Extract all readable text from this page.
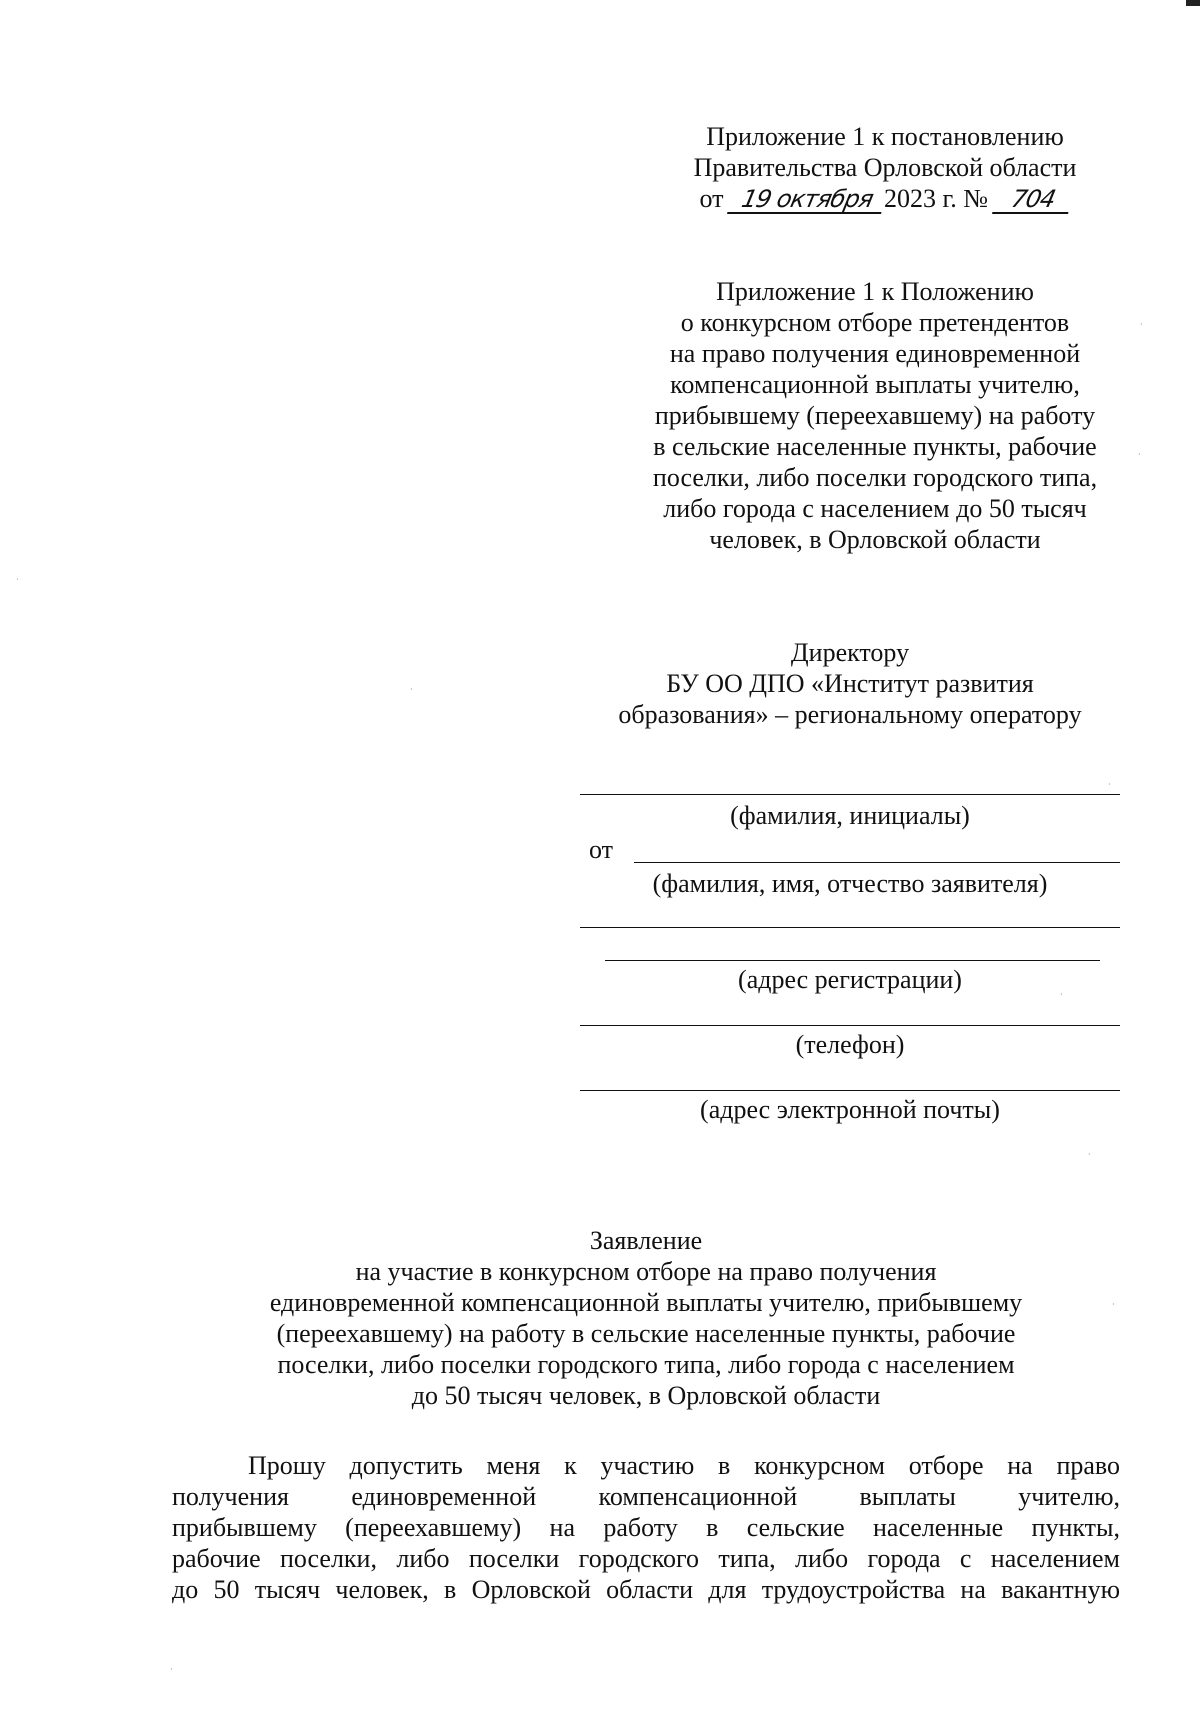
Приложение 1 к постановлению
Правительства Орловской области
от 19 октября 2023 г. № 704
Приложение 1 к Положению
о конкурсном отборе претендентов
на право получения единовременной
компенсационной выплаты учителю,
прибывшему (переехавшему) на работу
в сельские населенные пункты, рабочие
поселки, либо поселки городского типа,
либо города с населением до 50 тысяч
человек, в Орловской области
Директору
БУ ОО ДПО «Институт развития
образования» – региональному оператору
(фамилия, инициалы)
от
(фамилия, имя, отчество заявителя)
(адрес регистрации)
(телефон)
(адрес электронной почты)
Заявление
на участие в конкурсном отборе на право получения
единовременной компенсационной выплаты учителю, прибывшему
(переехавшему) на работу в сельские населенные пункты, рабочие
поселки, либо поселки городского типа, либо города с населением
до 50 тысяч человек, в Орловской области
Прошу допустить меня к участию в конкурсном отборе на право
получения единовременной компенсационной выплаты учителю,
прибывшему (переехавшему) на работу в сельские населенные пункты,
рабочие поселки, либо поселки городского типа, либо города с населением
до 50 тысяч человек, в Орловской области для трудоустройства на вакантную
·
·
·
·
·
·
·
·
·
